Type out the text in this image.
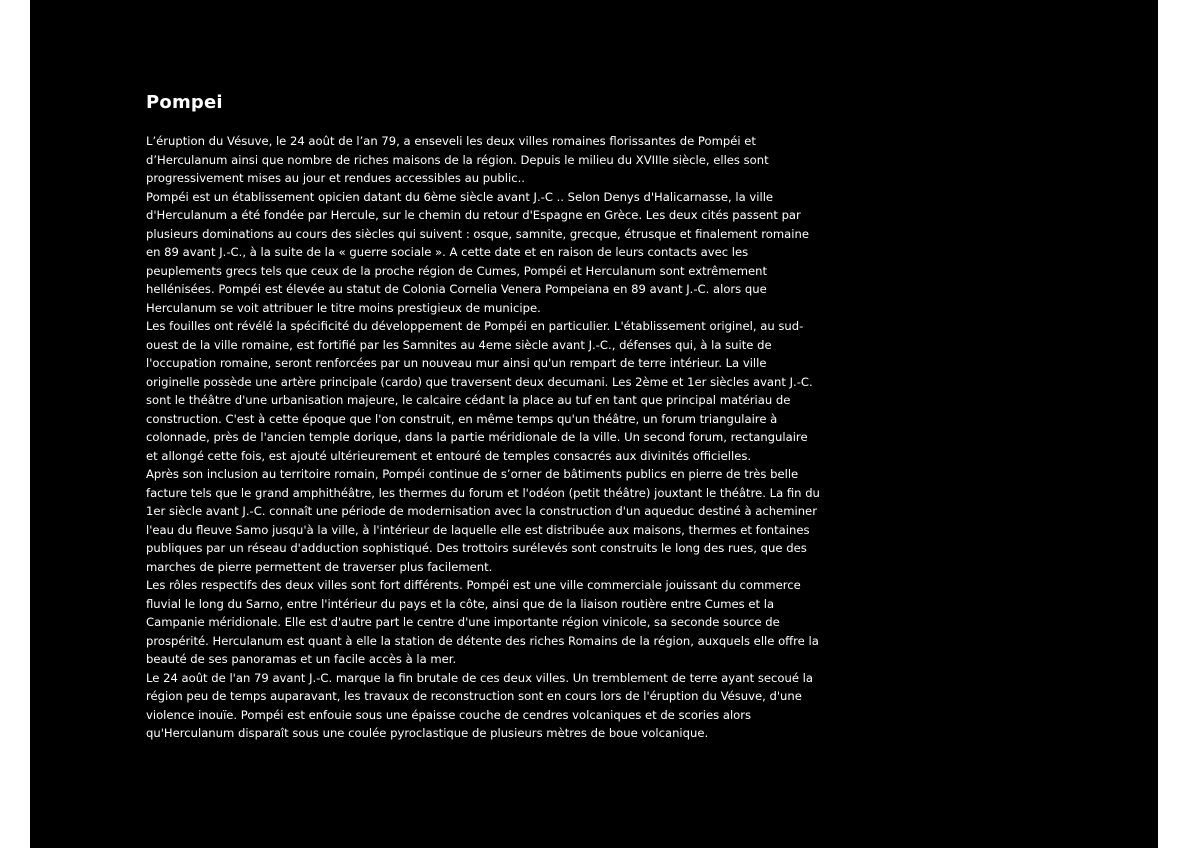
Pompei

L’éruption du Vésuve, le 24 août de l’an 79, a enseveli les deux villes romaines florissantes de Pompéi et d’Herculanum ainsi que nombre de riches maisons de la région. Depuis le milieu du XVIIIe siècle, elles sont progressivement mises au jour et rendues accessibles au public..

Pompéi est un établissement opicien datant du 6ème siècle avant J.-C .. Selon Denys d'Halicarnasse, la ville d'Herculanum a été fondée par Hercule, sur le chemin du retour d'Espagne en Grèce. Les deux cités passent par plusieurs dominations au cours des siècles qui suivent : osque, samnite, grecque, étrusque et finalement romaine en 89 avant J.-C., à la suite de la « guerre sociale ». A cette date et en raison de leurs contacts avec les peuplements grecs tels que ceux de la proche région de Cumes, Pompéi et Herculanum sont extrêmement hellénisées. Pompéi est élevée au statut de Colonia Cornelia Venera Pompeiana en 89 avant J.-C. alors que Herculanum se voit attribuer le titre moins prestigieux de municipe.

Les fouilles ont révélé la spécificité du développement de Pompéi en particulier. L'établissement originel, au sud-ouest de la ville romaine, est fortifié par les Samnites au 4eme siècle avant J.-C., défenses qui, à la suite de l'occupation romaine, seront renforcées par un nouveau mur ainsi qu'un rempart de terre intérieur. La ville originelle possède une artère principale (cardo) que traversent deux decumani. Les 2ème et 1er siècles avant J.-C. sont le théâtre d'une urbanisation majeure, le calcaire cédant la place au tuf en tant que principal matériau de construction. C'est à cette époque que l'on construit, en même temps qu'un théâtre, un forum triangulaire à colonnade, près de l'ancien temple dorique, dans la partie méridionale de la ville. Un second forum, rectangulaire et allongé cette fois, est ajouté ultérieurement et entouré de temples consacrés aux divinités officielles.

Après son inclusion au territoire romain, Pompéi continue de s’orner de bâtiments publics en pierre de très belle facture tels que le grand amphithéâtre, les thermes du forum et l'odéon (petit théâtre) jouxtant le théâtre. La fin du 1er siècle avant J.-C. connaît une période de modernisation avec la construction d'un aqueduc destiné à acheminer l'eau du fleuve Samo jusqu'à la ville, à l'intérieur de laquelle elle est distribuée aux maisons, thermes et fontaines publiques par un réseau d'adduction sophistiqué. Des trottoirs surélevés sont construits le long des rues, que des marches de pierre permettent de traverser plus facilement.

Les rôles respectifs des deux villes sont fort différents. Pompéi est une ville commerciale jouissant du commerce fluvial le long du Sarno, entre l'intérieur du pays et la côte, ainsi que de la liaison routière entre Cumes et la Campanie méridionale. Elle est d'autre part le centre d'une importante région vinicole, sa seconde source de prospérité. Herculanum est quant à elle la station de détente des riches Romains de la région, auxquels elle offre la beauté de ses panoramas et un facile accès à la mer.

Le 24 août de l'an 79 avant J.-C. marque la fin brutale de ces deux villes. Un tremblement de terre ayant secoué la région peu de temps auparavant, les travaux de reconstruction sont en cours lors de l'éruption du Vésuve, d'une violence inouïe. Pompéi est enfouie sous une épaisse couche de cendres volcaniques et de scories alors qu'Herculanum disparaît sous une coulée pyroclastique de plusieurs mètres de boue volcanique.
